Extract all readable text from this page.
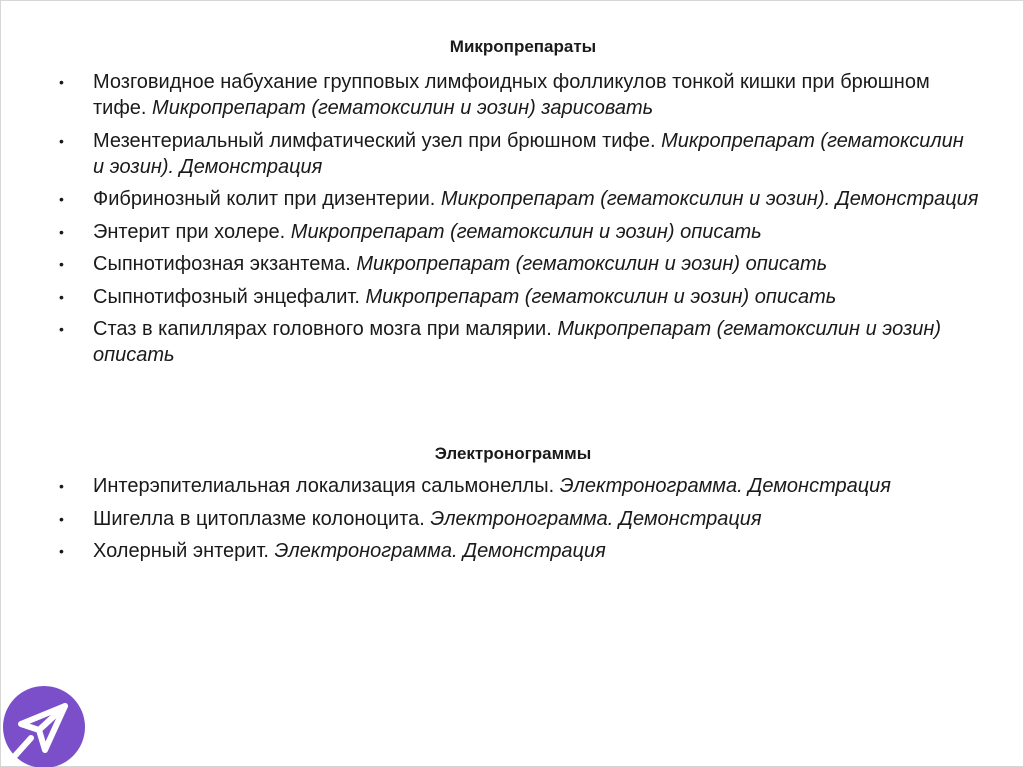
Микропрепараты
•	Мозговидное набухание групповых лимфоидных фолликулов тонкой кишки при брюшном тифе. Микропрепарат (гематоксилин и эозин) зарисовать
•	Мезентериальный лимфатический узел при брюшном тифе. Микропрепарат (гематоксилин и эозин). Демонстрация
•	Фибринозный колит при дизентерии. Микропрепарат (гематоксилин и эозин). Демонстрация
•	Энтерит при холере. Микропрепарат (гематоксилин и эозин) описать
•	Сыпнотифозная экзантема. Микропрепарат (гематоксилин и эозин) описать
•	Сыпнотифозный энцефалит. Микропрепарат (гематоксилин и эозин) описать
•	Стаз в капиллярах головного мозга при малярии. Микропрепарат (гематоксилин и эозин) описать
Электронограммы
•	Интерэпителиальная локализация сальмонеллы. Электронограмма. Демонстрация
•	Шигелла в цитоплазме колоноцита. Электронограмма. Демонстрация
•	Холерный энтерит. Электронограмма. Демонстрация
